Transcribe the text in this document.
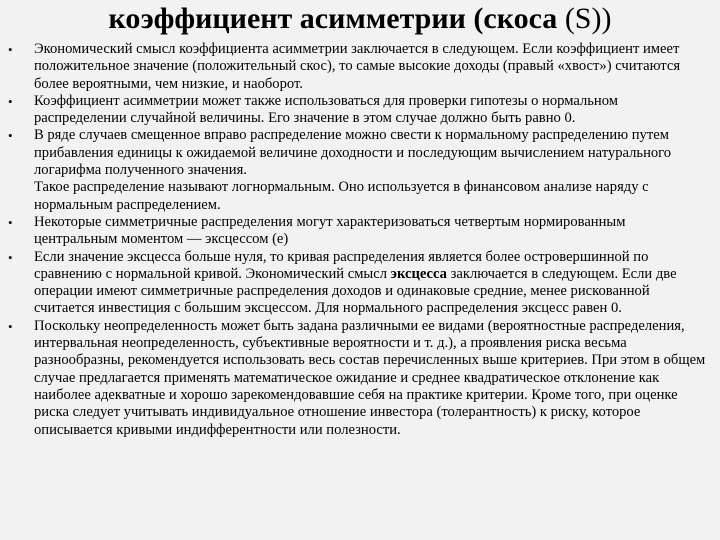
коэффициент асимметрии (скоса (S))
•	Экономический смысл коэффициента асимметрии заключается в следующем. Если коэффициент имеет положительное значение (положительный скос), то самые высокие доходы (правый «хвост») считаются более вероятными, чем низкие, и наоборот.

•	Коэффициент асимметрии может также использоваться для проверки гипотезы о нормальном распределении случайной величины. Его значение в этом случае должно быть равно 0.

•	В ряде случаев смещенное вправо распределение можно свести к нормальному распределению путем прибавления единицы к ожидаемой величине доходности и последующим вычислением натурального логарифма полученного значения.

Такое распределение называют логнормальным. Оно используется в финансовом анализе наряду с нормальным распределением.

•	Некоторые симметричные распределения могут характеризоваться четвертым нормированным центральным моментом — эксцессом (е)

•	Если значение эксцесса больше нуля, то кривая распределения является более островершинной по сравнению с нормальной кривой. Экономический смысл эксцесса заключается в следующем. Если две операции имеют симметричные распределения доходов и одинаковые средние, менее рискованной считается инвестиция с большим эксцессом. Для нормального распределения эксцесс равен 0.

•	Поскольку неопределенность может быть задана различными ее видами (вероятностные распределения, интервальная неопределенность, субъективные вероятности и т. д.), а проявления риска весьма разнообразны, рекомендуется использовать весь состав перечисленных выше критериев. При этом в общем случае предлагается применять математическое ожидание и среднее квадратическое отклонение как наиболее адекватные и хорошо зарекомендовавшие себя на практике критерии. Кроме того, при оценке риска следует учитывать индивидуальное отношение инвестора (толерантность) к риску, которое описывается кривыми индифферентности или полезности.
